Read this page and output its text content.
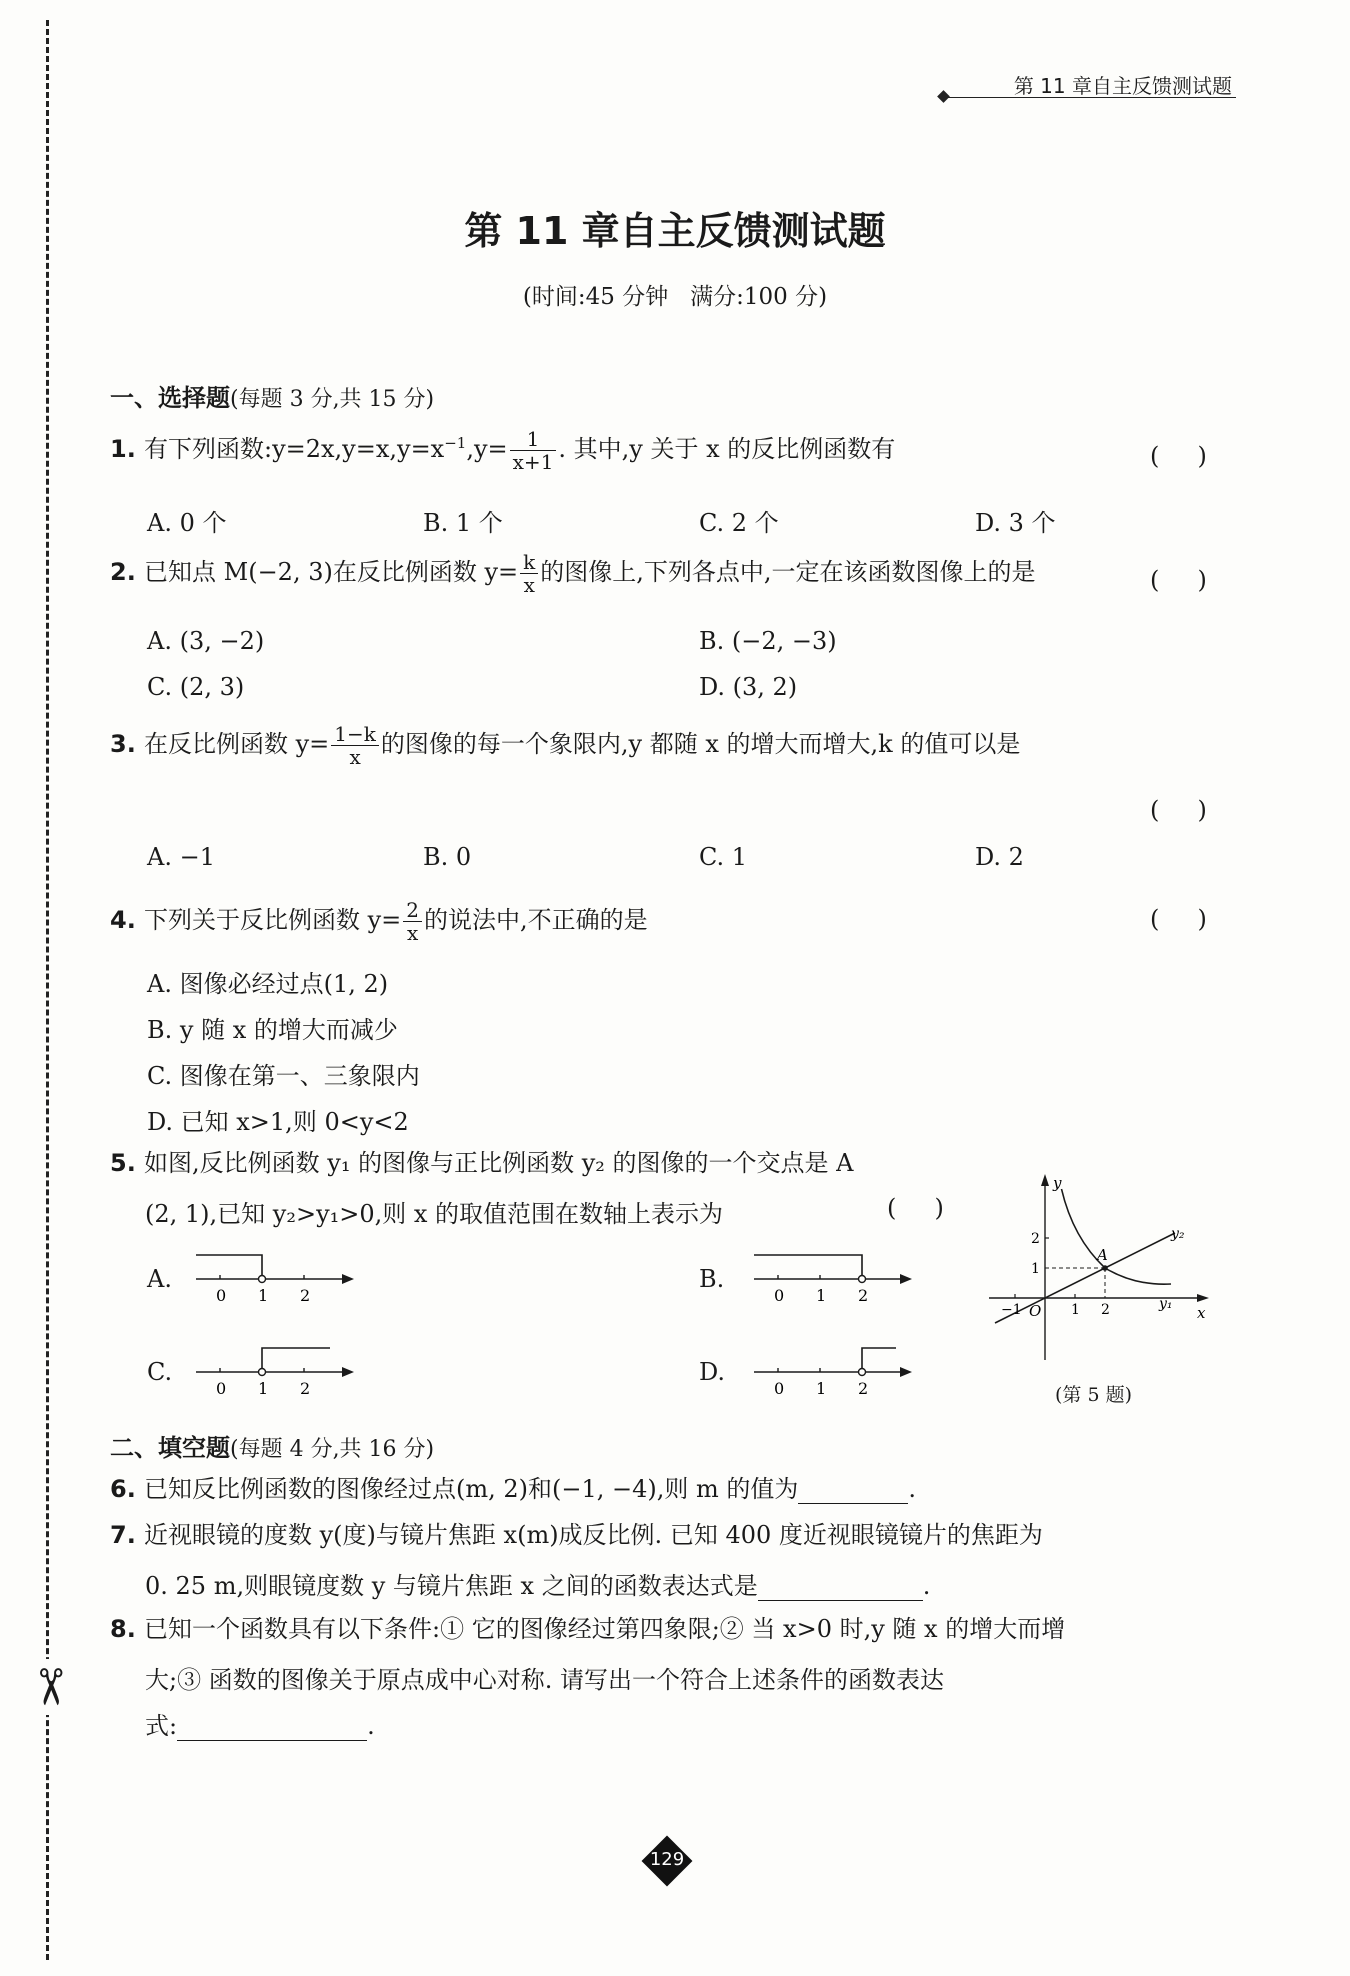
✂
第 11 章自主反馈测试题
第 11 章自主反馈测试题
(时间:45 分钟   满分:100 分)
一、选择题(每题 3 分,共 15 分)
1. 有下列函数$:y=2x,y=x,y=x^{-1},y= \frac{1}{x+1}$ . 其中,y 关于 x 的反比例函数有	(     )
A. 0 个	B. 1 个	C. 2 个	D. 3 个
2. 已知点 M(−2, 3)在反比例函数 $y= \frac{k}{x}$ 的图像上,下列各点中,一定在该函数图像上的是	(     )
A. (3, −2)	B. (−2, −3)
C. (2, 3)	D. (3, 2)
3. 在反比例函数 $y= \frac{1-k}{x}$ 的图像的每一个象限内,y 都随 x 的增大而增大,k 的值可以是
(     )
A. −1	B. 0	C. 1	D. 2
4. 下列关于反比例函数 $y= \frac{2}{x}$ 的说法中,不正确的是	(     )
A. 图像必经过点(1, 2)
B. y 随 x 的增大而减少
C. 图像在第一、三象限内
D. 已知 x>1,则 0<y<2
5. 如图,反比例函数 y₁ 的图像与正比例函数 y₂ 的图像的一个交点是 A
(2, 1),已知 y₂>y₁>0,则 x 的取值范围在数轴上表示为	(     )
A.
0 1 2
B.
0 1 2
C.
0 1 2
D.
0 1 2
y
x
O
A
y₁
y₂
−1	1 2
1
2
(第 5 题)
二、填空题(每题 4 分,共 16 分)
6. 已知反比例函数的图像经过点(m, 2)和(−1, −4),则 m 的值为	.
7. 近视眼镜的度数 y(度)与镜片焦距 x(m)成反比例. 已知 400 度近视眼镜镜片的焦距为
0. 25 m,则眼镜度数 y 与镜片焦距 x 之间的函数表达式是	.
8. 已知一个函数具有以下条件:① 它的图像经过第四象限;② 当 x>0 时,y 随 x 的增大而增
大;③ 函数的图像关于原点成中心对称. 请写出一个符合上述条件的函数表达
式:	.
129
